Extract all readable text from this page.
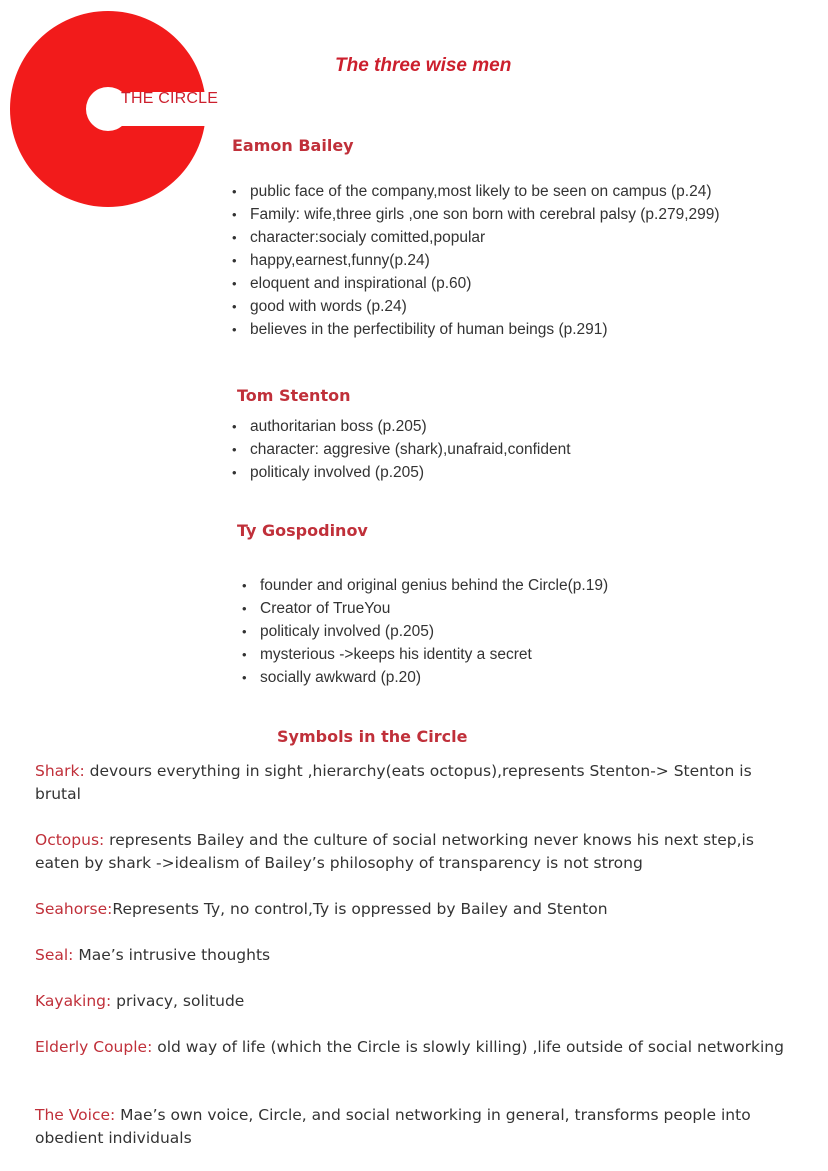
THE CIRCLE
The three wise men
Eamon Bailey
• public face of the company,most likely to be seen on campus (p.24)
• Family: wife,three girls ,one son born with cerebral palsy (p.279,299)
• character:socialy comitted,popular
• happy,earnest,funny(p.24)
• eloquent and inspirational (p.60)
• good with words (p.24)
• believes in the perfectibility of human beings (p.291)
Tom Stenton
• authoritarian boss (p.205)
• character: aggresive (shark),unafraid,confident
• politicaly involved (p.205)
Ty Gospodinov
• founder and original genius behind the Circle(p.19)
• Creator of TrueYou
• politicaly involved (p.205)
• mysterious ->keeps his identity a secret
• socially awkward (p.20)
Symbols in the Circle
Shark: devours everything in sight ,hierarchy(eats octopus),represents Stenton-> Stenton is brutal
Octopus: represents Bailey and the culture of social networking never knows his next step,is eaten by shark ->idealism of Bailey’s philosophy of transparency is not strong
Seahorse:Represents Ty, no control,Ty is oppressed by Bailey and Stenton
Seal: Mae’s intrusive thoughts
Kayaking: privacy, solitude
Elderly Couple: old way of life (which the Circle is slowly killing) ,life outside of social networking
The Voice: Mae’s own voice, Circle, and social networking in general, transforms people into obedient individuals
